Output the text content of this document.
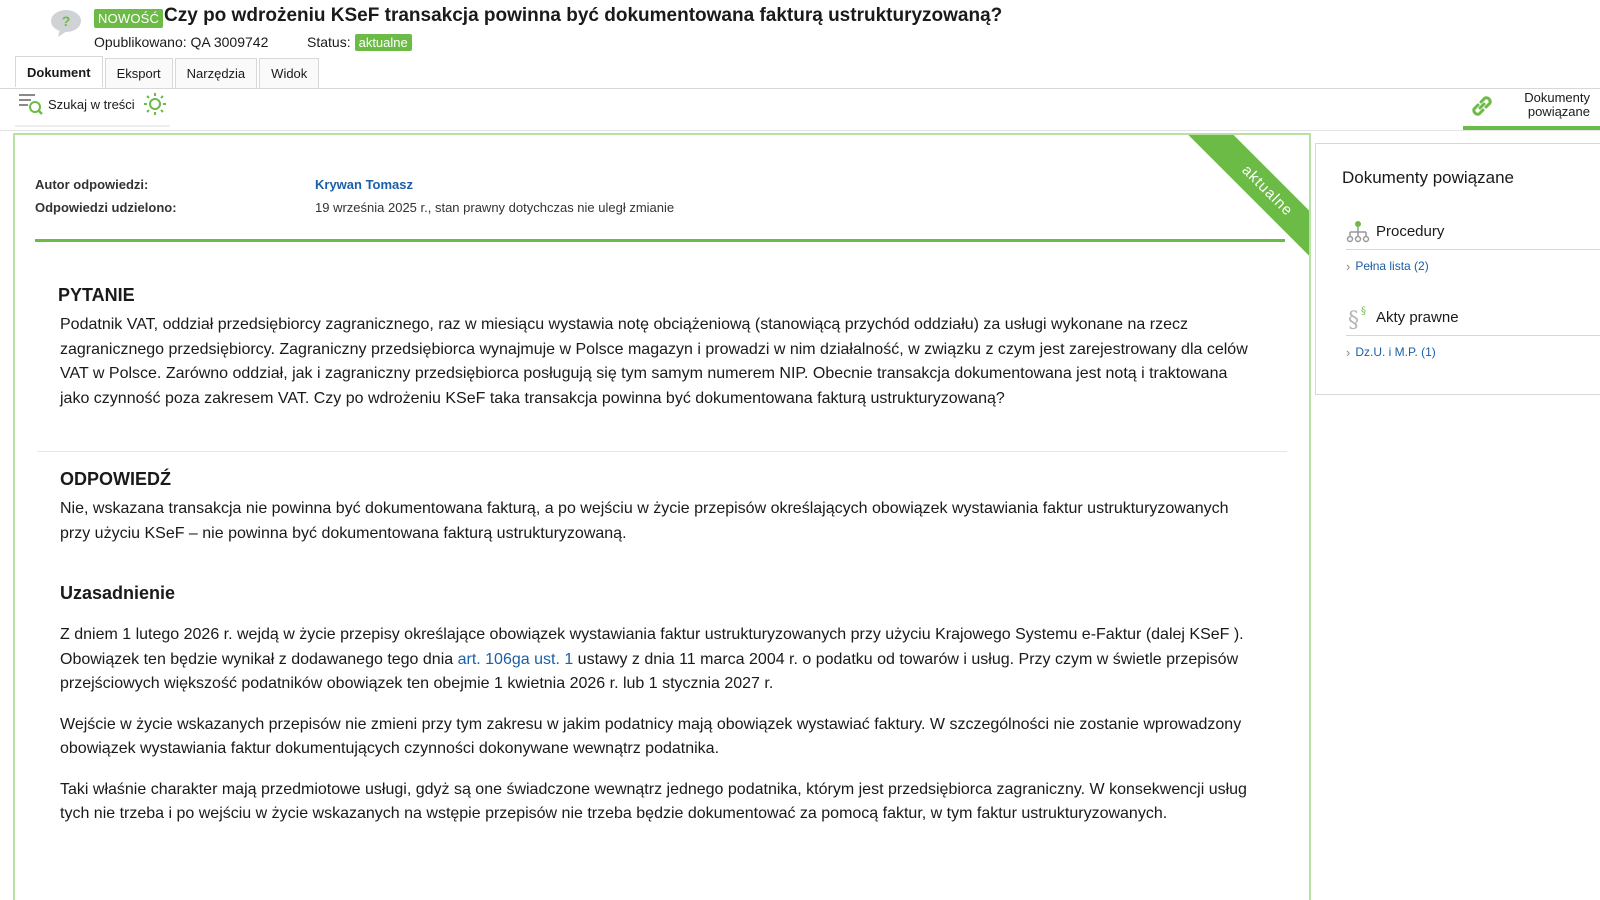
?	NOWOŚĆ Czy po wdrożeniu KSeF transakcja powinna być dokumentowana fakturą ustrukturyzowaną?
Opublikowano: QA 3009742	Status: aktualne
Dokument	Eksport	Narzędzia	Widok
Szukaj w treści	Dokumenty
powiązane
aktualne
Autor odpowiedzi:	Krywan Tomasz
Odpowiedzi udzielono:	19 września 2025 r., stan prawny dotychczas nie uległ zmianie
PYTANIE
Podatnik VAT, oddział przedsiębiorcy zagranicznego, raz w miesiącu wystawia notę obciążeniową (stanowiącą przychód oddziału) za usługi wykonane na rzecz zagranicznego przedsiębiorcy. Zagraniczny przedsiębiorca wynajmuje w Polsce magazyn i prowadzi w nim działalność, w związku z czym jest zarejestrowany dla celów VAT w Polsce. Zarówno oddział, jak i zagraniczny przedsiębiorca posługują się tym samym numerem NIP. Obecnie transakcja dokumentowana jest notą i traktowana jako czynność poza zakresem VAT. Czy po wdrożeniu KSeF taka transakcja powinna być dokumentowana fakturą ustrukturyzowaną?
ODPOWIEDŹ
Nie, wskazana transakcja nie powinna być dokumentowana fakturą, a po wejściu w życie przepisów określających obowiązek wystawiania faktur ustrukturyzowanych przy użyciu KSeF – nie powinna być dokumentowana fakturą ustrukturyzowaną.
Uzasadnienie
Z dniem 1 lutego 2026 r. wejdą w życie przepisy określające obowiązek wystawiania faktur ustrukturyzowanych przy użyciu Krajowego Systemu e-Faktur (dalej KSeF ). Obowiązek ten będzie wynikał z dodawanego tego dnia art. 106ga ust. 1 ustawy z dnia 11 marca 2004 r. o podatku od towarów i usług. Przy czym w świetle przepisów przejściowych większość podatników obowiązek ten obejmie 1 kwietnia 2026 r. lub 1 stycznia 2027 r.
Wejście w życie wskazanych przepisów nie zmieni przy tym zakresu w jakim podatnicy mają obowiązek wystawiać faktury. W szczególności nie zostanie wprowadzony obowiązek wystawiania faktur dokumentujących czynności dokonywane wewnątrz podatnika.
Taki właśnie charakter mają przedmiotowe usługi, gdyż są one świadczone wewnątrz jednego podatnika, którym jest przedsiębiorca zagraniczny. W konsekwencji usług tych nie trzeba i po wejściu w życie wskazanych na wstępie przepisów nie trzeba będzie dokumentować za pomocą faktur, w tym faktur ustrukturyzowanych.
Dokumenty powiązane
Procedury
› Pełna lista (2)
§ § Akty prawne
› Dz.U. i M.P. (1)
